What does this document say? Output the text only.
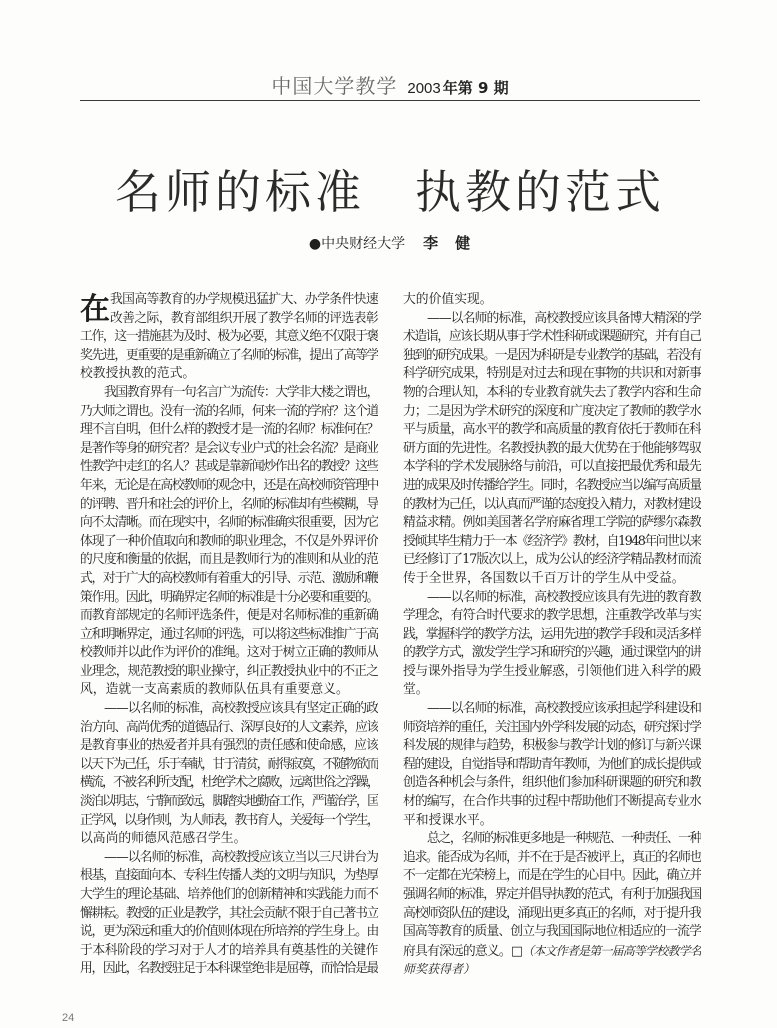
中国大学教学 2003 年第 9 期
名师的标准　执教的范式
●中央财经大学 李　健
在 我国高等教育的办学规模迅猛扩大、办学条件快速
改善之际，教育部组织开展了教学名师的评选表彰
工作，这一措施甚为及时、极为必要，其意义绝不仅限于褒
奖先进，更重要的是重新确立了名师的标准，提出了高等学
校教授执教的范式。
我国教育界有一句名言广为流传：大学非大楼之谓也，
乃大师之谓也。没有一流的名师，何来一流的学府？这个道
理不言自明，但什么样的教授才是一流的名师？标准何在？
是著作等身的研究者？是会议专业户式的社会名流？是商业
性教学中走红的名人？甚或是靠新闻炒作出名的教授？这些
年来，无论是在高校教师的观念中，还是在高校师资管理中
的评聘、晋升和社会的评价上，名师的标准却有些模糊，导
向不太清晰。而在现实中，名师的标准确实很重要，因为它
体现了一种价值取向和教师的职业理念，不仅是外界评价
的尺度和衡量的依据，而且是教师行为的准则和从业的范
式，对于广大的高校教师有着重大的引导、示范、激励和鞭
策作用。因此，明确界定名师的标准是十分必要和重要的。
而教育部规定的名师评选条件，便是对名师标准的重新确
立和明晰界定，通过名师的评选，可以将这些标准推广于高
校教师并以此作为评价的准绳。这对于树立正确的教师从
业理念，规范教授的职业操守，纠正教授执业中的不正之
风，造就一支高素质的教师队伍具有重要意义。
——以名师的标准，高校教授应该具有坚定正确的政
治方向、高尚优秀的道德品行、深厚良好的人文素养，应该
是教育事业的热爱者并具有强烈的责任感和使命感，应该
以天下为己任，乐于奉献，甘于清贫，耐得寂寞，不随物欲而
横流，不被名利所支配，杜绝学术之腐败，远离世俗之浮躁，
淡泊以明志，宁静而致远，脚踏实地勤奋工作，严谨治学，匡
正学风，以身作则，为人师表，教书育人，关爱每一个学生，
以高尚的师德风范感召学生。
——以名师的标准，高校教授应该立当以三尺讲台为
根基，直接面向本、专科生传播人类的文明与知识，为垫厚
大学生的理论基础、培养他们的创新精神和实践能力而不
懈耕耘。教授的正业是教学，其社会贡献不限于自己著书立
说，更为深远和重大的价值则体现在所培养的学生身上。由
于本科阶段的学习对于人才的培养具有奠基性的关键作
用，因此，名教授驻足于本科课堂绝非是屈尊，而恰恰是最
大的价值实现。
——以名师的标准，高校教授应该具备博大精深的学
术造诣，应该长期从事于学术性科研或课题研究，并有自己
独到的研究成果。一是因为科研是专业教学的基础，若没有
科学研究成果，特别是对过去和现在事物的共识和对新事
物的合理认知，本科的专业教育就失去了教学内容和生命
力；二是因为学术研究的深度和广度决定了教师的教学水
平与质量，高水平的教学和高质量的教育依托于教师在科
研方面的先进性。名教授执教的最大优势在于他能够驾驭
本学科的学术发展脉络与前沿，可以直接把最优秀和最先
进的成果及时传播给学生。同时，名教授应当以编写高质量
的教材为己任，以认真而严谨的态度投入精力，对教材建设
精益求精。例如美国著名学府麻省理工学院的萨缪尔森教
授倾其毕生精力于一本《经济学》教材，自1948年问世以来
已经修订了17版次以上，成为公认的经济学精品教材而流
传于全世界，各国数以千百万计的学生从中受益。
——以名师的标准，高校教授应该具有先进的教育教
学理念，有符合时代要求的教学思想，注重教学改革与实
践，掌握科学的教学方法，运用先进的教学手段和灵活多样
的教学方式，激发学生学习和研究的兴趣，通过课堂内的讲
授与课外指导为学生授业解惑，引领他们进入科学的殿
堂。
——以名师的标准，高校教授应该承担起学科建设和
师资培养的重任，关注国内外学科发展的动态，研究探讨学
科发展的规律与趋势，积极参与教学计划的修订与新兴课
程的建设，自觉指导和帮助青年教师，为他们的成长提供或
创造各种机会与条件，组织他们参加科研课题的研究和教
材的编写，在合作共事的过程中帮助他们不断提高专业水
平和授课水平。
总之，名师的标准更多地是一种规范、一种责任、一种
追求。能否成为名师，并不在于是否被评上，真正的名师也
不一定都在光荣榜上，而是在学生的心目中。因此，确立并
强调名师的标准，界定并倡导执教的范式，有利于加强我国
高校师资队伍的建设，涌现出更多真正的名师，对于提升我
国高等教育的质量、创立与我国国际地位相适应的一流学
府具有深远的意义。□（本文作者是第一届高等学校教学名
师奖获得者）
24
